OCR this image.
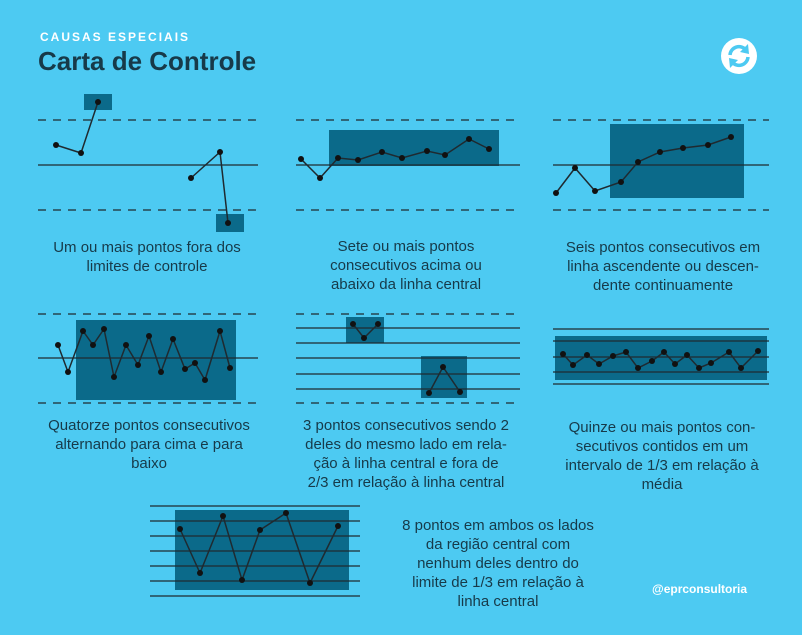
CAUSAS ESPECIAIS
Carta de Controle
Um ou mais pontos fora dos
limites de controle
Sete ou mais pontos
consecutivos acima ou
abaixo da linha central
Seis pontos consecutivos em
linha ascendente ou descen-
dente continuamente
Quatorze pontos consecutivos
alternando para cima e para
baixo
3 pontos consecutivos sendo 2
deles do mesmo lado em rela-
ção à linha central e fora de
2/3 em relação à linha central
Quinze ou mais pontos con-
secutivos contidos em um
intervalo de 1/3 em relação à
média
8 pontos em ambos os lados
da região central com
nenhum deles dentro do
limite de 1/3 em relação à
linha central
@eprconsultoria
